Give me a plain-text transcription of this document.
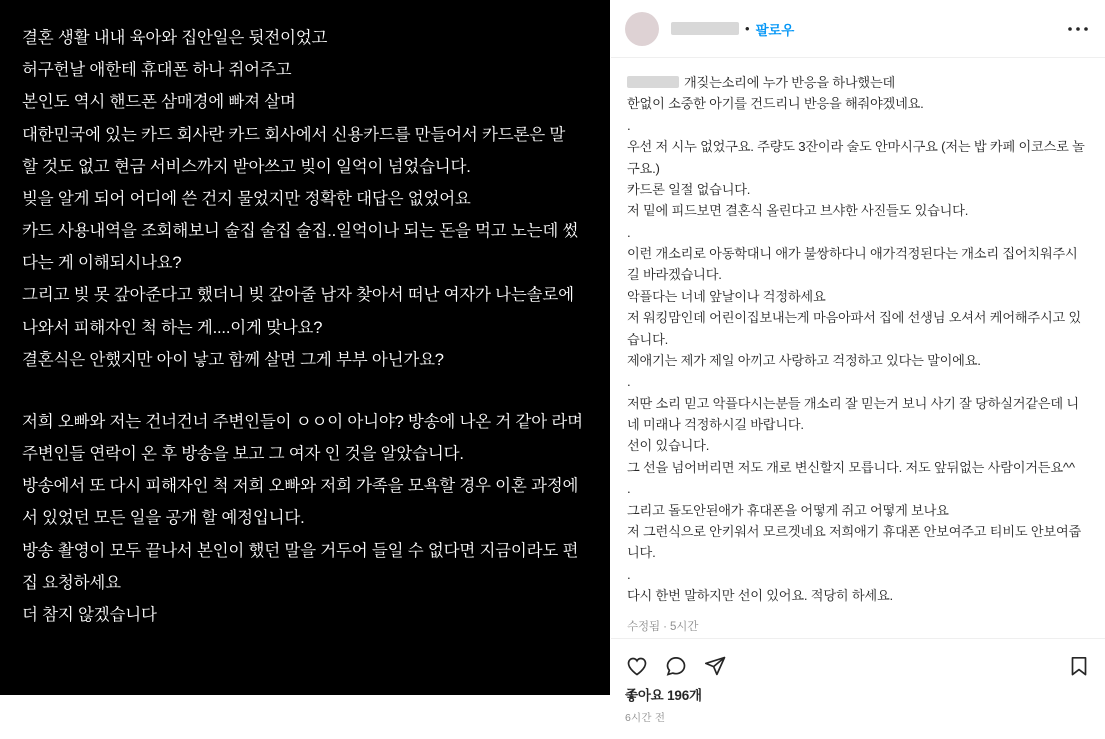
결혼 생활 내내 육아와 집안일은 뒷전이었고

허구헌날 애한테 휴대폰 하나 쥐어주고

본인도 역시 핸드폰 삼매경에 빠져 살며

대한민국에 있는 카드 회사란 카드 회사에서 신용카드를 만들어서 카드론은 말 할 것도 없고 현금 서비스까지 받아쓰고 빚이 일억이 넘었습니다.

빚을 알게 되어 어디에 쓴 건지 물었지만 정확한 대답은 없었어요

카드 사용내역을 조회해보니 술집 술집 술집..일억이나 되는 돈을 먹고 노는데 썼다는 게 이해되시나요?

그리고 빚 못 갚아준다고 했더니 빚 갚아줄 남자 찾아서 떠난 여자가 나는솔로에 나와서 피해자인 척 하는 게....이게 맞나요?

결혼식은 안했지만 아이 낳고 함께 살면 그게 부부 아닌가요?

저희 오빠와 저는 건너건너 주변인들이 ㅇㅇ이 아니야? 방송에 나온 거 같아 라며 주변인들 연락이 온 후 방송을 보고 그 여자 인 것을 알았습니다.

방송에서 또 다시 피해자인 척 저희 오빠와 저희 가족을 모욕할 경우 이혼 과정에서 있었던 모든 일을 공개 할 예정입니다.

방송 촬영이 모두 끝나서 본인이 했던 말을 거두어 들일 수 없다면 지금이라도 편집 요청하세요

더 참지 않겠습니다

• 팔로우
개짖는소리에 누가 반응을 하나했는데
한없이 소중한 아기를 건드리니 반응을 해줘야겠네요.
.
우선 저 시누 없었구요. 주량도 3잔이라 술도 안마시구요 (저는 밥 카페 이코스로 놀구요.)
카드론 일절 없습니다.
저 밑에 피드보면 결혼식 올린다고 브샤한 사진들도 있습니다.
.
이런 개소리로 아동학대니 애가 불쌍하다니 애가걱정된다는 개소리 집어치워주시길 바라겠습니다.
악플다는 너네 앞날이나 걱정하세요
저 워킹맘인데 어린이집보내는게 마음아파서 집에 선생님 오셔서 케어해주시고 있습니다.
제애기는 제가 제일 아끼고 사랑하고 걱정하고 있다는 말이에요.
.
저딴 소리 믿고 악플다시는분들 개소리 잘 믿는거 보니 사기 잘 당하실거같은데 니네 미래나 걱정하시길 바랍니다.
선이 있습니다.
그 선을 넘어버리면 저도 개로 변신할지 모릅니다. 저도 앞뒤없는 사람이거든요^^
.
그리고 돌도안된애가 휴대폰을 어떻게 쥐고 어떻게 보나요
저 그런식으로 안키워서 모르겟네요 저희애기 휴대폰 안보여주고 티비도 안보여줍니다.
.
다시 한번 말하지만 선이 있어요. 적당히 하세요.
수정됨 · 5시간
좋아요 196개
6시간 전
